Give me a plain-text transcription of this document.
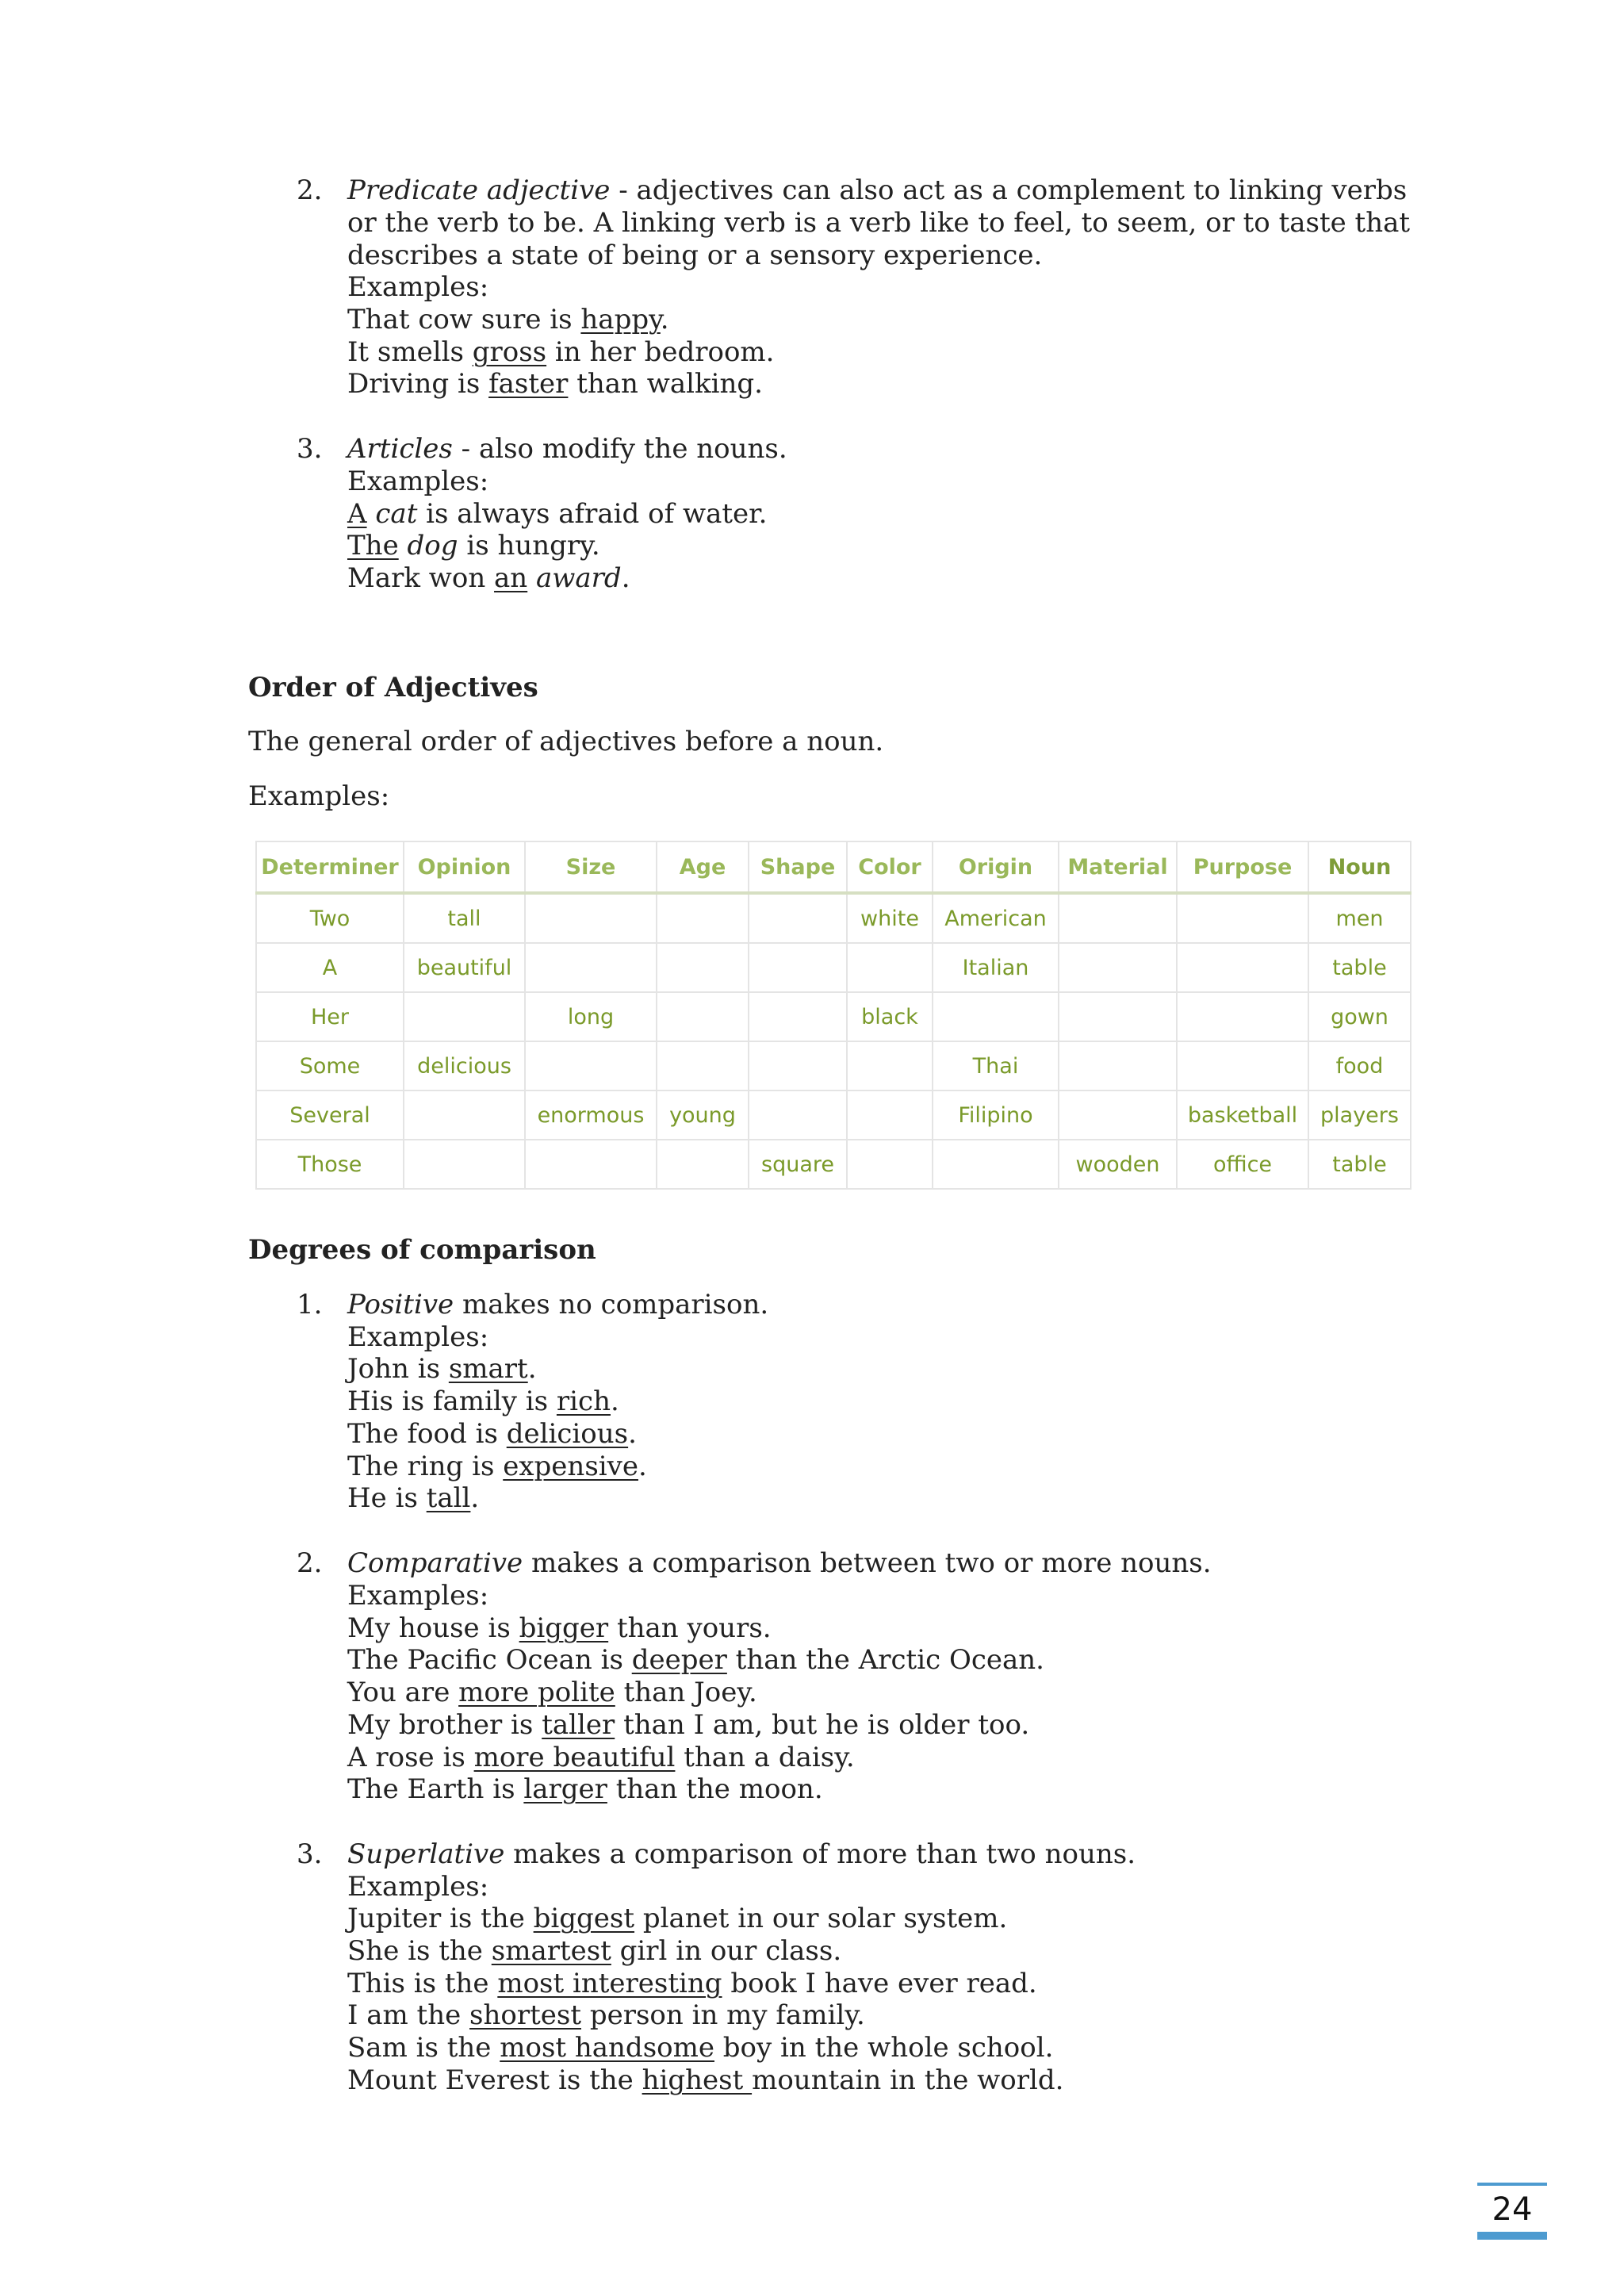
2. Predicate adjective - adjectives can also act as a complement to linking verbs
or the verb to be. A linking verb is a verb like to feel, to seem, or to taste that
describes a state of being or a sensory experience.
Examples:
That cow sure is happy.
It smells gross in her bedroom.
Driving is faster than walking.
3. Articles - also modify the nouns.
Examples:
A cat is always afraid of water.
The dog is hungry.
Mark won an award.
Order of Adjectives
The general order of adjectives before a noun.
Examples:
Determiner	Opinion	Size	Age	Shape	Color	Origin	Material	Purpose	Noun
Two	tall				white	American			men
A	beautiful					Italian			table
Her		long			black				gown
Some	delicious					Thai			food
Several		enormous	young			Filipino		basketball	players
Those				square			wooden	office	table
Degrees of comparison
1. Positive makes no comparison.
Examples:
John is smart.
His is family is rich.
The food is delicious.
The ring is expensive.
He is tall.
2. Comparative makes a comparison between two or more nouns.
Examples:
My house is bigger than yours.
The Pacific Ocean is deeper than the Arctic Ocean.
You are more polite than Joey.
My brother is taller than I am, but he is older too.
A rose is more beautiful than a daisy.
The Earth is larger than the moon.
3. Superlative makes a comparison of more than two nouns.
Examples:
Jupiter is the biggest planet in our solar system.
She is the smartest girl in our class.
This is the most interesting book I have ever read.
I am the shortest person in my family.
Sam is the most handsome boy in the whole school.
Mount Everest is the highest mountain in the world.
24
